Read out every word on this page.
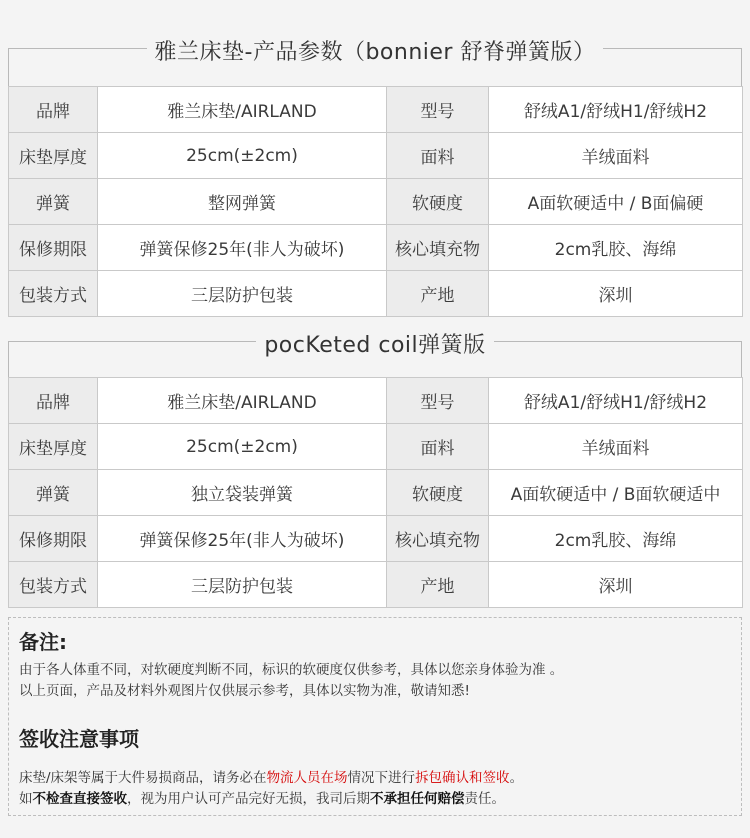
雅兰床垫-产品参数（bonnier 舒脊弹簧版）
品牌	雅兰床垫/AIRLAND	型号	舒绒A1/舒绒H1/舒绒H2
床垫厚度	25cm(±2cm)	面料	羊绒面料
弹簧	整网弹簧	软硬度	A面软硬适中 / B面偏硬
保修期限	弹簧保修25年(非人为破坏)	核心填充物	2cm乳胶、海绵
包装方式	三层防护包装	产地	深圳
pocKeted coil弹簧版
品牌	雅兰床垫/AIRLAND	型号	舒绒A1/舒绒H1/舒绒H2
床垫厚度	25cm(±2cm)	面料	羊绒面料
弹簧	独立袋装弹簧	软硬度	A面软硬适中 / B面软硬适中
保修期限	弹簧保修25年(非人为破坏)	核心填充物	2cm乳胶、海绵
包装方式	三层防护包装	产地	深圳
备注:
由于各人体重不同，对软硬度判断不同，标识的软硬度仅供参考，具体以您亲身体验为准 。
以上页面，产品及材料外观图片仅供展示参考，具体以实物为准，敬请知悉!
签收注意事项
床垫/床架等属于大件易损商品，请务必在物流人员在场情况下进行拆包确认和签收。
如不检查直接签收，视为用户认可产品完好无损，我司后期不承担任何赔偿责任。
